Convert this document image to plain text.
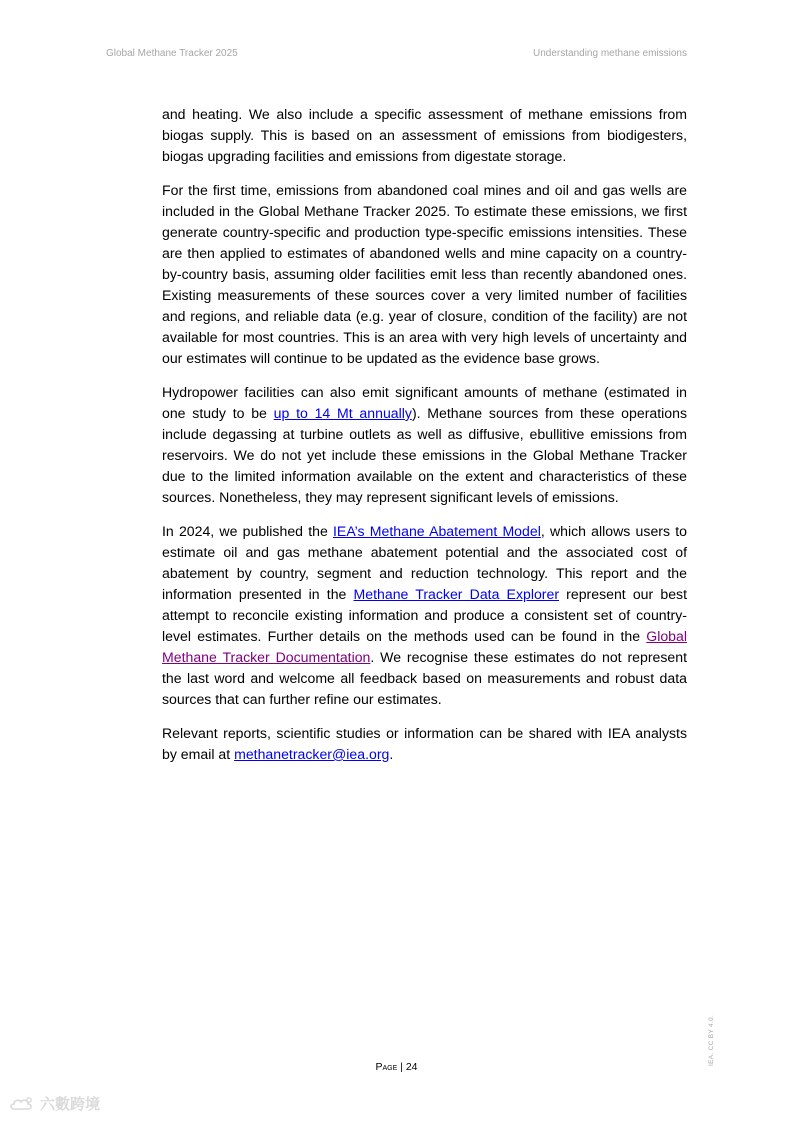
Global Methane Tracker 2025	Understanding methane emissions

and heating. We also include a specific assessment of methane emissions from biogas supply. This is based on an assessment of emissions from biodigesters, biogas upgrading facilities and emissions from digestate storage.

For the first time, emissions from abandoned coal mines and oil and gas wells are included in the Global Methane Tracker 2025. To estimate these emissions, we first generate country-specific and production type-specific emissions intensities. These are then applied to estimates of abandoned wells and mine capacity on a country-by-country basis, assuming older facilities emit less than recently abandoned ones. Existing measurements of these sources cover a very limited number of facilities and regions, and reliable data (e.g. year of closure, condition of the facility) are not available for most countries. This is an area with very high levels of uncertainty and our estimates will continue to be updated as the evidence base grows.

Hydropower facilities can also emit significant amounts of methane (estimated in one study to be up to 14 Mt annually). Methane sources from these operations include degassing at turbine outlets as well as diffusive, ebullitive emissions from reservoirs. We do not yet include these emissions in the Global Methane Tracker due to the limited information available on the extent and characteristics of these sources. Nonetheless, they may represent significant levels of emissions.

In 2024, we published the IEA’s Methane Abatement Model, which allows users to estimate oil and gas methane abatement potential and the associated cost of abatement by country, segment and reduction technology. This report and the information presented in the Methane Tracker Data Explorer represent our best attempt to reconcile existing information and produce a consistent set of country-level estimates. Further details on the methods used can be found in the Global Methane Tracker Documentation. We recognise these estimates do not represent the last word and welcome all feedback based on measurements and robust data sources that can further refine our estimates.

Relevant reports, scientific studies or information can be shared with IEA analysts by email at methanetracker@iea.org.

Page | 24
IEA. CC BY 4.0.
六數跨境
